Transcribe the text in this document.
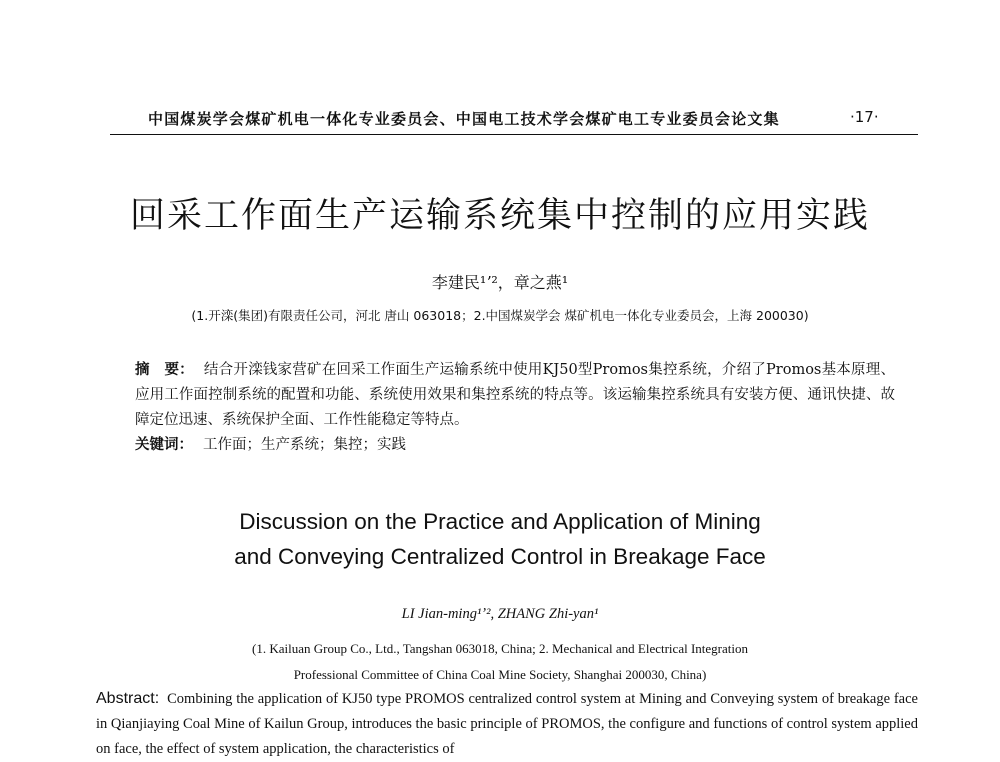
中国煤炭学会煤矿机电一体化专业委员会、中国电工技术学会煤矿电工专业委员会论文集	·17·
回采工作面生产运输系统集中控制的应用实践
李建民¹ʼ²，章之燕¹
(1.开滦(集团)有限责任公司，河北 唐山 063018；2.中国煤炭学会 煤矿机电一体化专业委员会，上海 200030)
摘　要： 结合开滦钱家营矿在回采工作面生产运输系统中使用KJ50型Promos集控系统，介绍了Promos基本原理、应用工作面控制系统的配置和功能、系统使用效果和集控系统的特点等。该运输集控系统具有安装方便、通讯快捷、故障定位迅速、系统保护全面、工作性能稳定等特点。
关键词： 工作面；生产系统；集控；实践
Discussion on the Practice and Application of Mining
and Conveying Centralized Control in Breakage Face
LI Jian-ming¹ʼ², ZHANG Zhi-yan¹
(1. Kailuan Group Co., Ltd., Tangshan 063018, China; 2. Mechanical and Electrical Integration
Professional Committee of China Coal Mine Society, Shanghai 200030, China)
Abstract: Combining the application of KJ50 type PROMOS centralized control system at Mining and Conveying system of breakage face in Qianjiaying Coal Mine of Kailun Group, introduces the basic principle of PROMOS, the configure and functions of control system applied on face, the effect of system application, the characteristics of
